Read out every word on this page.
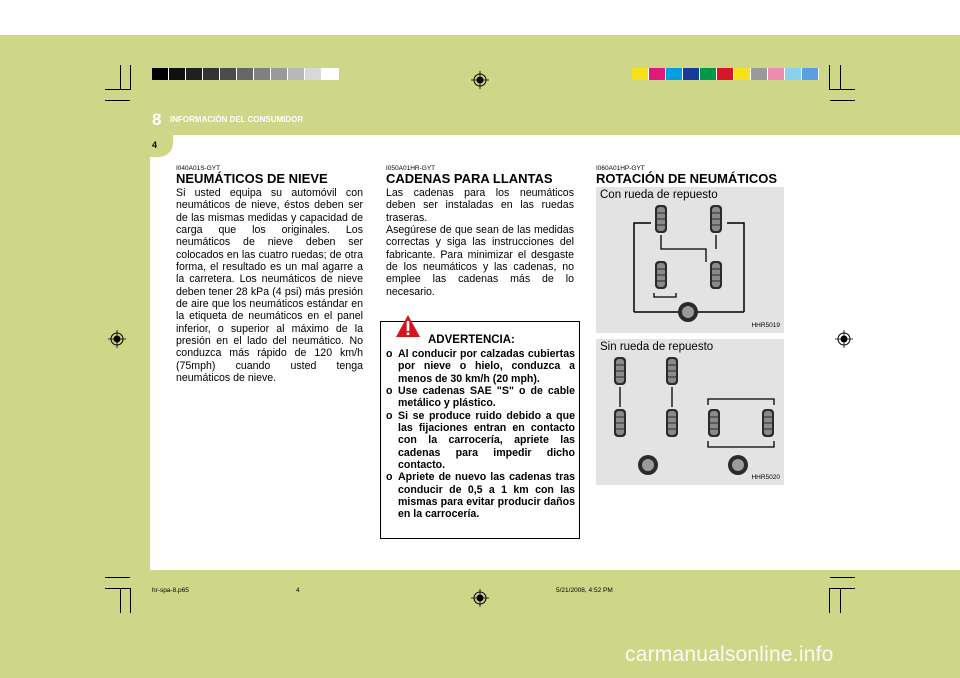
8 INFORMACIÓN DEL CONSUMIDOR
4
I040A01S-GYT
NEUMÁTICOS DE NIEVE

Si usted equipa su automóvil con neumáticos de nieve, éstos deben ser de las mismas medidas y capacidad de carga que los originales. Los neumáticos de nieve deben ser colocados en las cuatro ruedas; de otra forma, el resultado es un mal agarre a la carretera. Los neumáticos de nieve deben tener 28 kPa (4 psi) más presión de aire que los neumáticos estándar en la etiqueta de neumáticos en el panel inferior, o superior al máximo de la presión en el lado del neumático. No conduzca más rápido de 120 km/h (75mph) cuando usted tenga neumáticos de nieve.

I050A01HR-GYT
CADENAS PARA LLANTAS

Las cadenas para los neumáticos deben ser instaladas en las ruedas traseras.

Asegúrese de que sean de las medidas correctas y siga las instrucciones del fabricante. Para minimizar el desgaste de los neumáticos y las cadenas, no emplee las cadenas más de lo necesario.

ADVERTENCIA:
o Al conducir por calzadas cubiertas por nieve o hielo, conduzca a menos de 30 km/h (20 mph).
o Use cadenas SAE "S" o de cable metálico y plástico.
o Si se produce ruido debido a que las fijaciones entran en contacto con la carrocería, apriete las cadenas para impedir dicho contacto.
o Apriete de nuevo las cadenas tras conducir de 0,5 a 1 km con las mismas para evitar producir daños en la carrocería.
I060A01HP-GYT
ROTACIÓN DE NEUMÁTICOS
Con rueda de repuesto
HHR5019
Sin rueda de repuesto
HHR5020
hr-spa-8.p65	4	5/21/2008, 4:52 PM
carmanualsonline.info
